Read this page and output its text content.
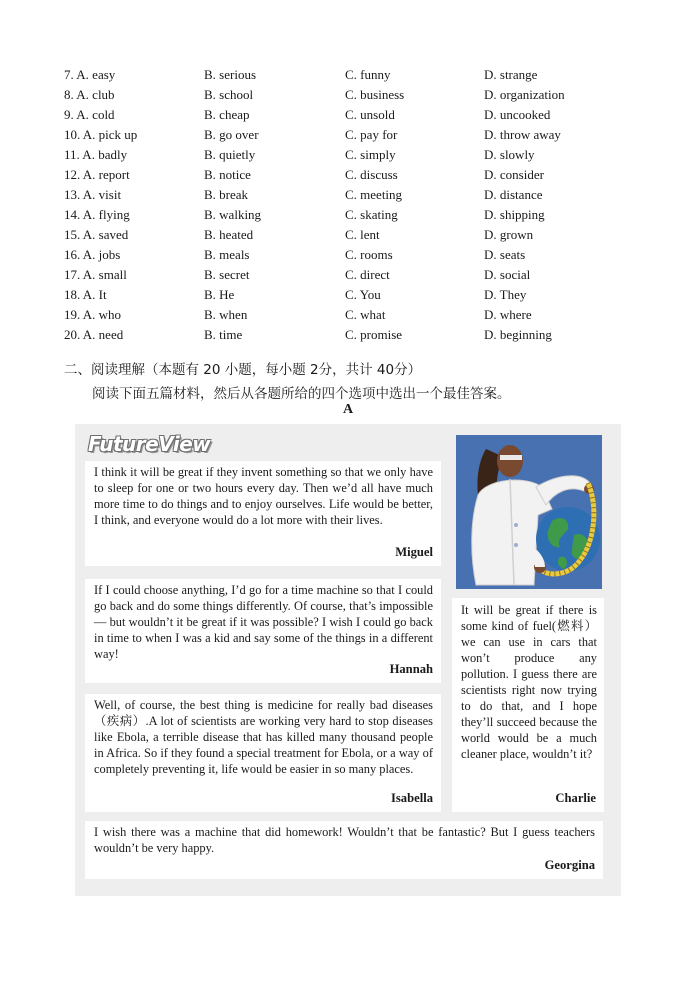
7. A. easy	B. serious	C. funny	D. strange
8. A. club	B. school	C. business	D. organization
9. A. cold	B. cheap	C. unsold	D. uncooked
10. A. pick up	B. go over	C. pay for	D. throw away
11. A. badly	B. quietly	C. simply	D. slowly
12. A. report	B. notice	C. discuss	D. consider
13. A. visit	B. break	C. meeting	D. distance
14. A. flying	B. walking	C. skating	D. shipping
15. A. saved	B. heated	C. lent	D. grown
16. A. jobs	B. meals	C. rooms	D. seats
17. A. small	B. secret	C. direct	D. social
18. A. It	B. He	C. You	D. They
19. A. who	B. when	C. what	D. where
20. A. need	B. time	C. promise	D. beginning
二、阅读理解（本题有 20 小题，每小题 2分，共计 40分）
阅读下面五篇材料，然后从各题所给的四个选项中选出一个最佳答案。
A
FutureView
I think it will be great if they invent something so that we only have to sleep for one or two hours every day. Then we’d all have much more time to do things and to enjoy ourselves. Life would be better, I think, and everyone would do a lot more with their lives.
Miguel
If I could choose anything, I’d go for a time machine so that I could go back and do some things differently. Of course, that’s impossible — but wouldn’t it be great if it was possible? I wish I could go back in time to when I was a kid and say some of the things in a different way!
Hannah
Well, of course, the best thing is medicine for really bad diseases（疾病）.A lot of scientists are working very hard to stop diseases like Ebola, a terrible disease that has killed many thousand people in Africa. So if they found a special treatment for Ebola, or a way of completely preventing it, life would be easier in so many places.
Isabella
It will be great if there is some kind of fuel(燃料）we can use in cars that won’t produce any pollution. I guess there are scientists right now trying to do that, and I hope they’ll succeed because the world would be a much cleaner place, wouldn’t it?
Charlie
I wish there was a machine that did homework! Wouldn’t that be fantastic? But I guess teachers wouldn’t be very happy.
Georgina
